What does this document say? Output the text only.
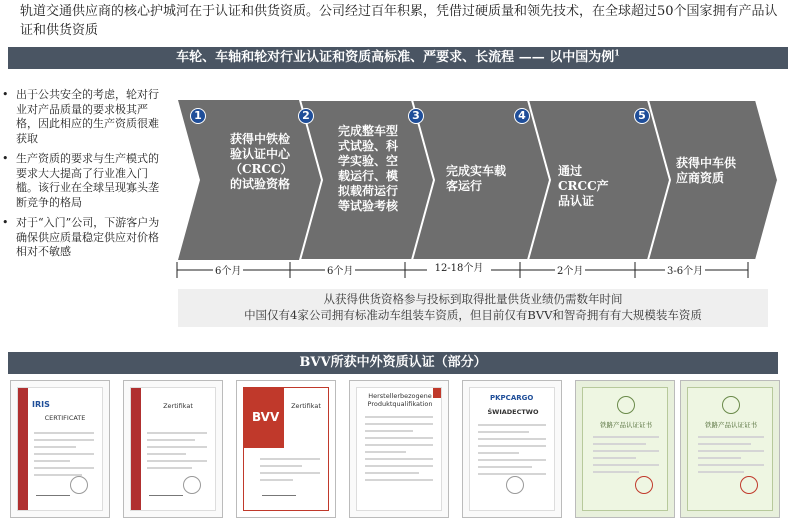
轨道交通供应商的核心护城河在于认证和供货资质。公司经过百年积累，凭借过硬质量和领先技术，在全球超过50个国家拥有产品认证和供货资质
车轮、车轴和轮对行业认证和资质高标准、严要求、长流程 —— 以中国为例$^1$
• 出于公共安全的考虑，轮对行业对产品质量的要求极其严格，因此相应的生产资质很难获取
• 生产资质的要求与生产模式的要求大大提高了行业准入门槛。该行业在全球呈现寡头垄断竞争的格局
• 对于“入门”公司，下游客户为确保供应质量稳定供应对价格相对不敏感
1	2	3	4	5
获得中铁检验认证中心（CRCC）的试验资格
完成整车型式试验、科学实验、空载运行、模拟载荷运行等试验考核
完成实车载客运行
通过CRCC产品认证
获得中车供应商资质
6个月	6个月	12-18个月	2个月	3-6个月
从获得供货资格参与投标到取得批量供货业绩仍需数年时间
中国仅有4家公司拥有标准动车组装车资质，但目前仅有BVV和智奇拥有有大规模装车资质
BVV所获中外资质认证（部分）
IRIS
CERTIFICATE
Zertifikat
BVV
Zertifikat
Herstellerbezogene Produktqualifikation
PKPCARGO
ŚWIADECTWO
铁路产品认证证书	铁路产品认证证书
